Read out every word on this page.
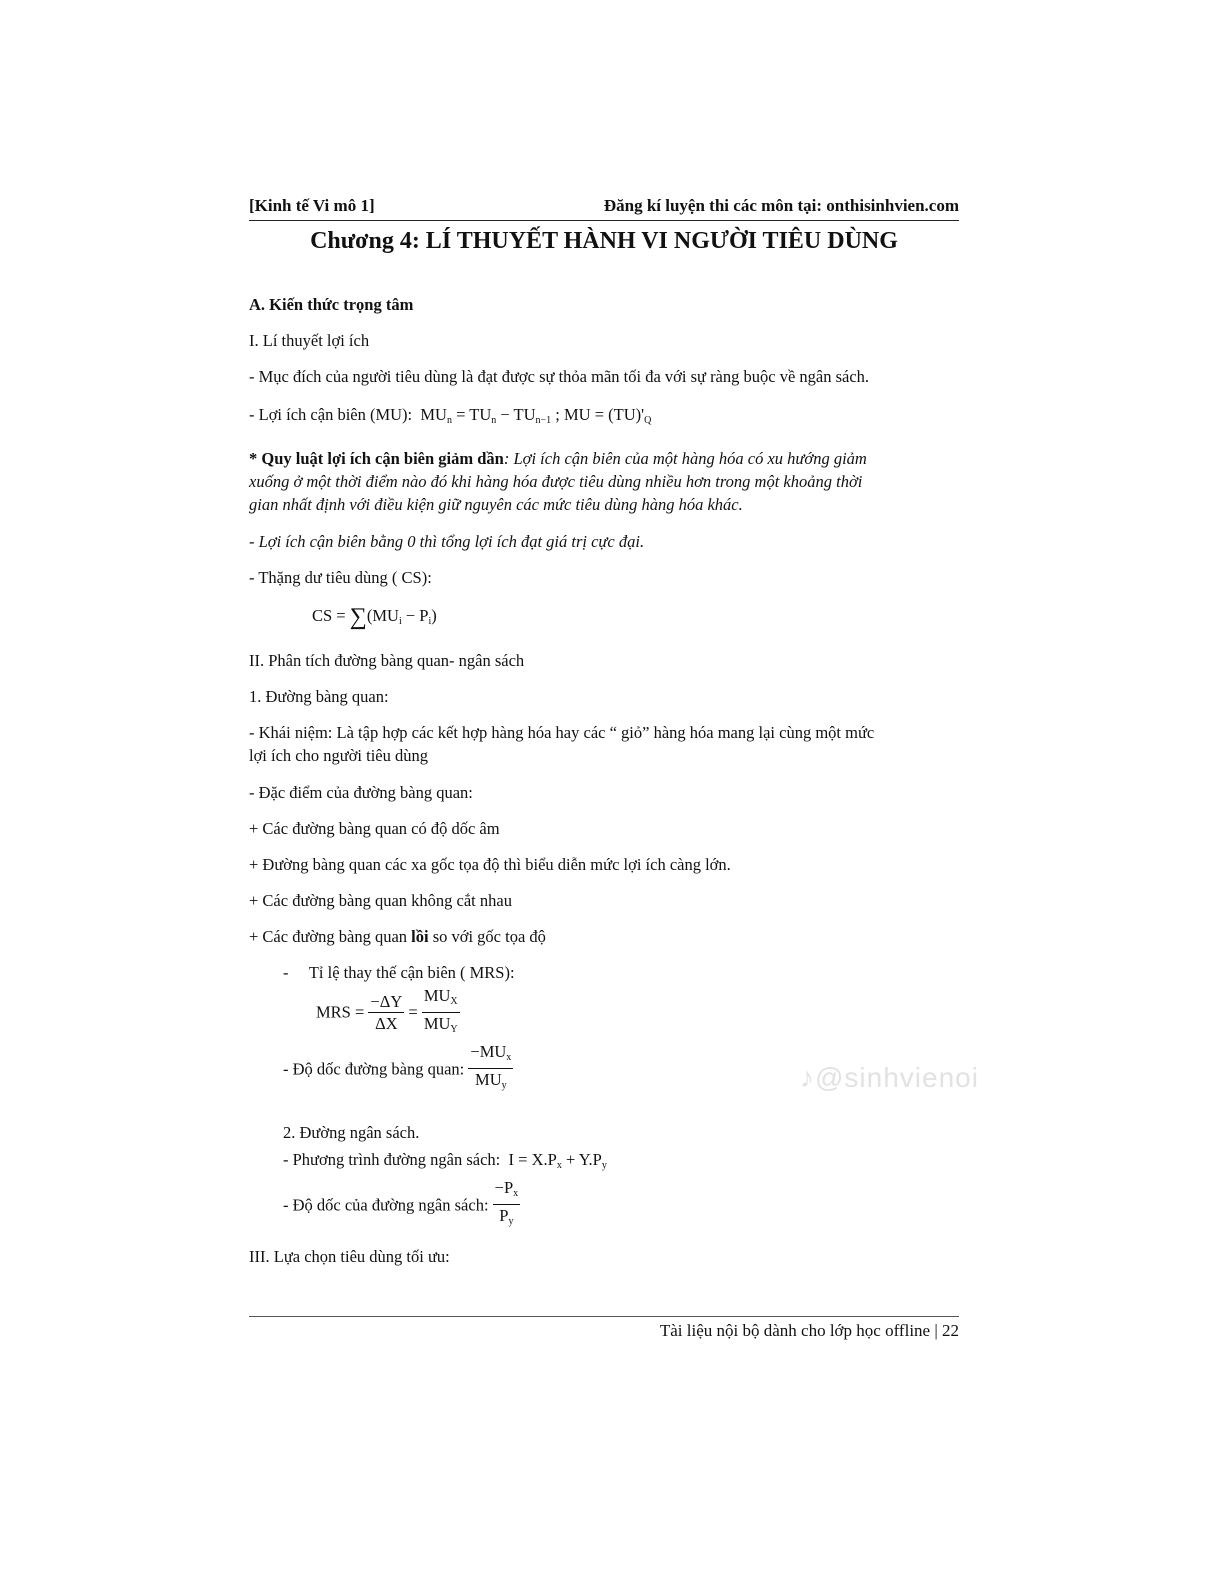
[Kinh tế Vi mô 1]	Đăng kí luyện thi các môn tại: onthisinhvien.com
Chương 4: LÍ THUYẾT HÀNH VI NGƯỜI TIÊU DÙNG
A. Kiến thức trọng tâm
I. Lí thuyết lợi ích
- Mục đích của người tiêu dùng là đạt được sự thỏa mãn tối đa với sự ràng buộc về ngân sách.
- Lợi ích cận biên (MU):  $MU_n = TU_n - TU_{n-1}$ ; MU = $(TU)'_Q$
* Quy luật lợi ích cận biên giảm dần: Lợi ích cận biên của một hàng hóa có xu hướng giảm
xuống ở một thời điểm nào đó khi hàng hóa được tiêu dùng nhiều hơn trong một khoảng thời
gian nhất định với điều kiện giữ nguyên các mức tiêu dùng hàng hóa khác.
- Lợi ích cận biên bằng 0 thì tổng lợi ích đạt giá trị cực đại.
- Thặng dư tiêu dùng ( CS):
CS = $\sum(MU_i - P_i)$
II. Phân tích đường bàng quan- ngân sách
1. Đường bàng quan:
- Khái niệm: Là tập hợp các kết hợp hàng hóa hay các “ giỏ” hàng hóa mang lại cùng một mức
lợi ích cho người tiêu dùng
- Đặc điểm của đường bàng quan:
+ Các đường bàng quan có độ dốc âm
+ Đường bàng quan các xa gốc tọa độ thì biểu diễn mức lợi ích càng lớn.
+ Các đường bàng quan không cắt nhau
+ Các đường bàng quan lồi so với gốc tọa độ
-     Tỉ lệ thay thế cận biên ( MRS):
MRS = $\frac{-\Delta Y}{\Delta X} = \frac{MU_X}{MU_Y}$
- Độ dốc đường bàng quan: $\frac{-MU_x}{MU_y}$
2. Đường ngân sách.
- Phương trình đường ngân sách:  $I = X.P_x + Y.P_y$
- Độ dốc của đường ngân sách: $\frac{-P_x}{P_y}$
III. Lựa chọn tiêu dùng tối ưu:
♪@sinhvienoi
Tài liệu nội bộ dành cho lớp học offline | 22
